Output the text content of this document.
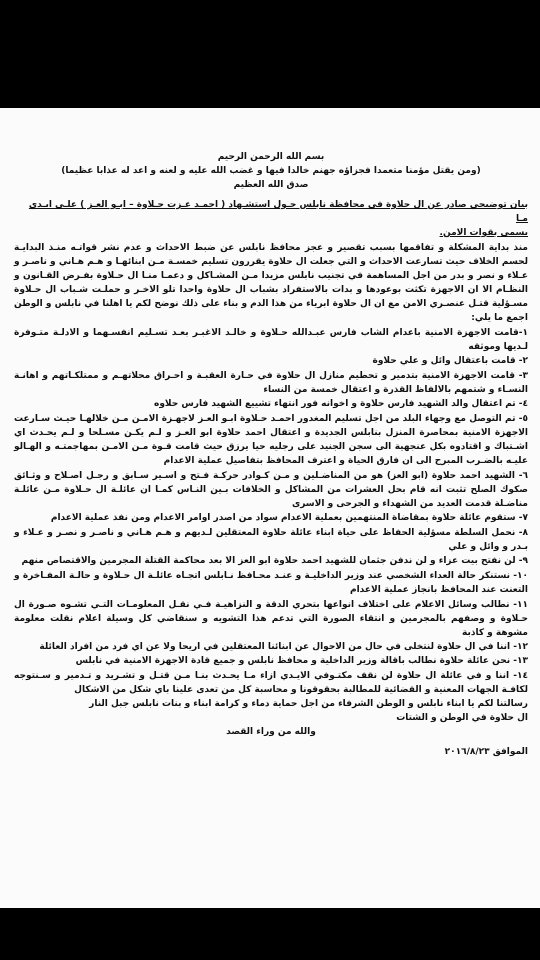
بسم الله الرحمن الرحيم
(ومن يقتل مؤمنا متعمدا فجزاؤه جهنم خالدا فيها و غضب الله عليه و لعنه و اعد له عذابا عظيما)
صدق الله العظيم
بيان توضيحي صادر عن ال حلاوة في محافظة نابلس حـول استشـهاد ( احمـد عـزت حـلاوة – ابـو العـز ) علـى ايـدي مـا
يسمى بقوات الامن.
منذ بداية المشكلة و تفاقمها بسبب تقصير و عجز محافظ نابلس عن ضبط الاحداث و عدم نشر قواتـه منـذ البدايـة لحسم الخلاف حيث تسارعت الاحداث و التي جعلت ال حلاوة يقررون تسليم خمسـة مـن ابنائهـا و هـم هـاني و ناصـر و عـلاء و نصر و بدر من اجل المساهمة في تجنيب نابلس مزيدا مـن المشـاكل و دعمـا منـا ال حـلاوة بفـرض القـانون و النظـام الا ان الاجهزة تكثت بوعودها و بدات بالاستفراد بشباب ال حلاوة واحدا تلو الاخـر و حملـت شـباب ال حـلاوة مسـؤلية قتـل عنصـري الامن مع ان ال حلاوة ابرياء من هذا الدم و بناء على ذلك نوضح لكم يا اهلنا في نابلس و الوطن اجمع ما يلي:
١-قامت الاجهزة الامنية باعدام الشاب فارس عبـدالله حـلاوة و خالـد الاغبـر بعـد تسـليم انفسـهما و الادلـة متـوفرة لـديها وموثقه
٢- قامت باعتقال وائل و علي حلاوة
٣- قامت الاجهزة الامنية بتدمير و تحطيم منازل ال حلاوة في حـارة العقبـة و احـراق محلاتهـم و ممتلكـاتهم و اهانـة النسـاء و شتمهم بالالفاظ القذرة و اعتقال خمسة من النساء
٤- تم اعتقال والد الشهيد فارس حلاوة و اخوانه فور انتهاء تشييع الشهيد فارس حلاوه
٥- تم التوصل مع وجهاء البلد من اجل تسليم المغدور احمـد حـلاوة ابـو العـز لاجهـزة الامـن مـن خلالهـا حيـث سـارعت الاجهزة الامنية بمحاصرة المنزل بنابلس الجديدة و اعتقال احمد حلاوة ابو العـز و لـم يكـن مسـلحا و لـم يحـدث اي اشـتباك و اقتادوه بكل عنجهية الى سجن الجنيد على رجليه حيا يرزق حيث قامت قـوة مـن الامـن بمهاجمتـه و الهـالو عليـه بالضـرب المبرح الى ان فارق الحياة و اعترف المحافظ بتفاصيل عملية الاعدام
٦- الشهيد احمد حلاوة (ابو العز) هو من المناضـلين و مـن كـوادر حركـة فـتح و اسـير سـابق و رجـل اصـلاح و وثـائق صكوك الصلح تثبت انه قام بحل العشرات من المشاكل و الخلافات بـين النـاس كمـا ان عائلـة ال حـلاوة مـن عائلـة مناضـلة قدمت العديد من الشهداء و الجرحى و الاسرى
٧- ستقوم عائلة حلاوة بمقاضاة المنتهمين بعملية الاعدام سواد من اصدر اوامر الاعدام ومن نفذ عملية الاعدام
٨- نحمل السلطة مسؤلية الحفاظ على حياة ابناء عائلة حلاوة المعتقلين لـديهم و هـم هـاني و ناصـر و نصـر و عـلاء و بـدر و وائل و علي
٩- لن نفتح بيت عزاء و لن ندفن جثمان للشهيد احمد حلاوة ابو العز الا بعد محاكمة القتلة المجرمين والاقتصاص منهم
١٠- نستنكر حالة العداء الشخصي عند وزير الداخليـة و عنـد محـافظ نـابلس اتجـاه عائلـة ال حـلاوة و حالـة المفـاخرة و التعنت عند المحافظ بانجاز عملية الاعدام
١١- نطالب وسائل الاعلام على اختلاف انواعها بتحري الدقة و النزاهيـة فـي نقـل المعلومـات التـي تشـوه صـورة ال حـلاوة و وصفهم بالمجرمين و انتقاء الصورة التي تدعم هذا التشويه و سنقاضي كل وسيلة اعلام نقلت معلومة مشوهة و كاذبة
١٢- اننا في ال حلاوة لنتخلى في حال من الاحوال عن ابنائنا المعتقلين في اريحا ولا عن اي فرد من افراد العائلة
١٣- نحن عائلة حلاوة نطالب باقالة وزير الداخلية و محافظ نابلس و جميع قادة الاجهزة الامنية في نابلس
١٤- اننا و في عائلة ال حلاوة لن نقف مكتـوفي الايـدي ازاء مـا يحـدث بنـا مـن قتـل و تشـريد و تـدمير و سـنتوجه لكافـة الجهات المعنية و القضائية للمطالبة بحقوقونا و محاسبة كل من تعدى علينا باي شكل من الاشكال
رسالتنا لكم يا ابناء نابلس و الوطن الشرفاء من اجل حماية دماء و كرامة ابناء و بنات نابلس جبل النار
ال حلاوة في الوطن و الشتات
والله من وراء القصد
الموافق ٢٠١٦/٨/٢٣
